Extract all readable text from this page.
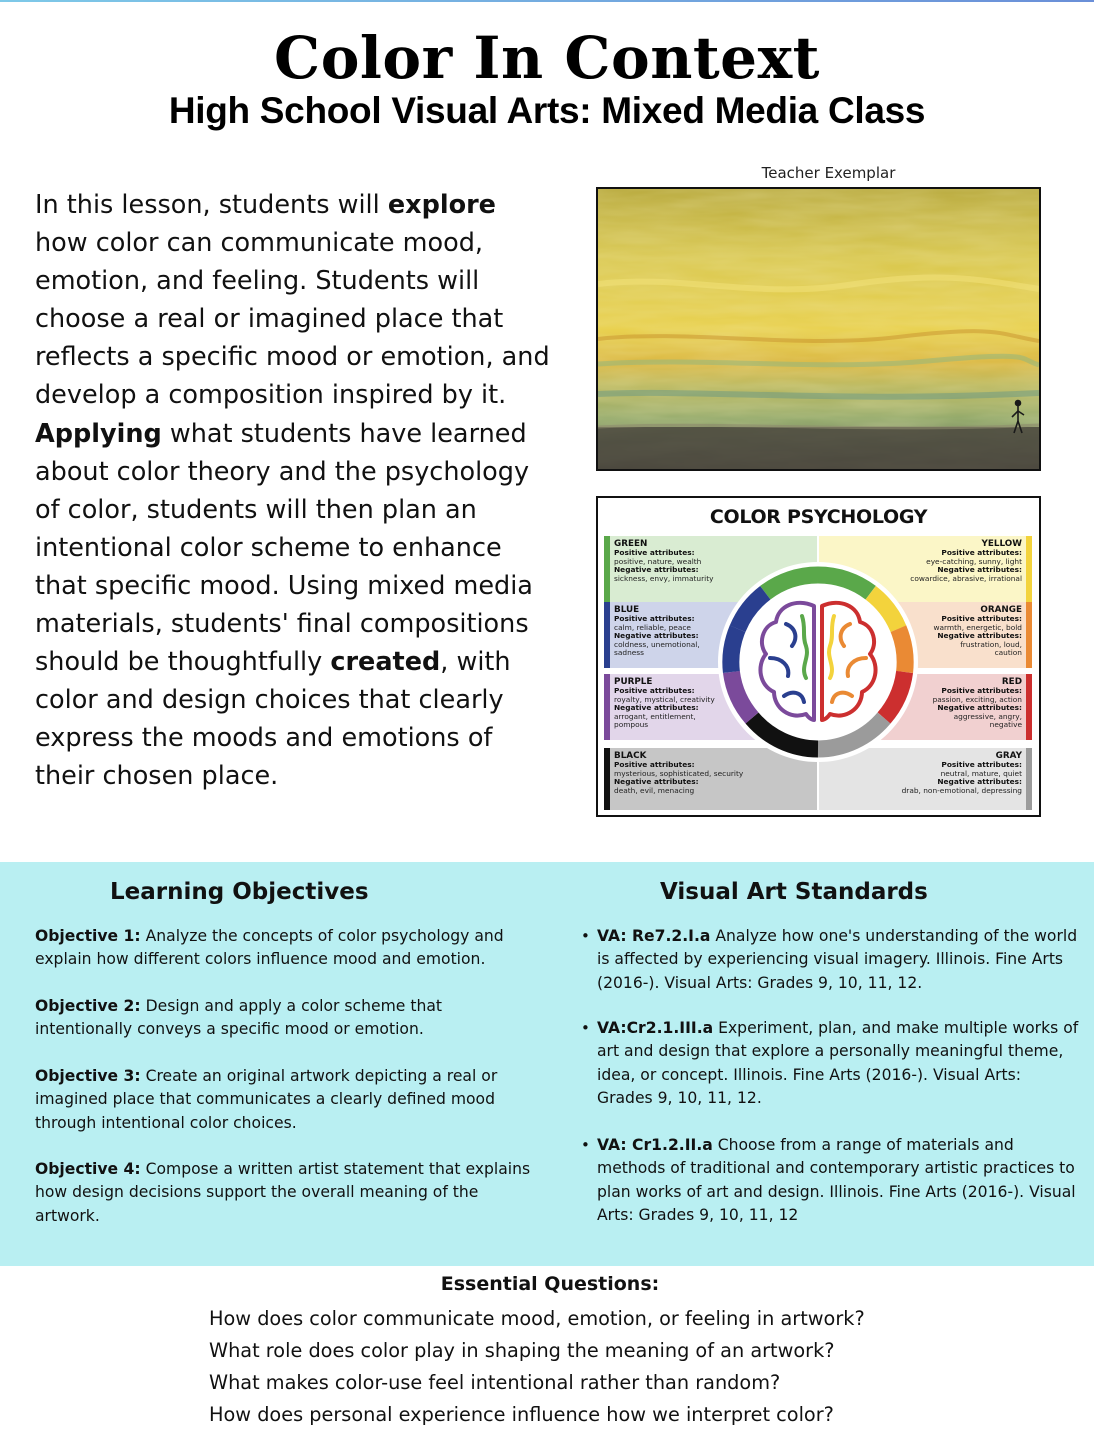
Color In Context
High School Visual Arts: Mixed Media Class

In this lesson, students will explore how color can communicate mood, emotion, and feeling. Students will choose a real or imagined place that reflects a specific mood or emotion, and develop a composition inspired by it. Applying what students have learned about color theory and the psychology of color, students will then plan an intentional color scheme to enhance that specific mood. Using mixed media materials, students' final compositions should be thoughtfully created, with color and design choices that clearly express the moods and emotions of their chosen place.

Teacher Exemplar
COLOR PSYCHOLOGY
GREEN
Positive attributes:
positive, nature, wealth
Negative attributes:
sickness, envy, immaturity
YELLOW
Positive attributes:
eye-catching, sunny, light
Negative attributes:
cowardice, abrasive, irrational
BLUE
Positive attributes:
calm, reliable, peace
Negative attributes:
coldness, unemotional, sadness
ORANGE
Positive attributes:
warmth, energetic, bold
Negative attributes:
frustration, loud, caution
PURPLE
Positive attributes:
royalty, mystical, creativity
Negative attributes:
arrogant, entitlement, pompous
RED
Positive attributes:
passion, exciting, action
Negative attributes:
aggressive, angry, negative
BLACK
Positive attributes:
mysterious, sophisticated, security
Negative attributes:
death, evil, menacing
GRAY
Positive attributes:
neutral, mature, quiet
Negative attributes:
drab, non-emotional, depressing
Learning Objectives	Visual Art Standards

Objective 1: Analyze the concepts of color psychology and explain how different colors influence mood and emotion.

Objective 2: Design and apply a color scheme that intentionally conveys a specific mood or emotion.

Objective 3: Create an original artwork depicting a real or imagined place that communicates a clearly defined mood through intentional color choices.

Objective 4: Compose a written artist statement that explains how design decisions support the overall meaning of the artwork.

• VA: Re7.2.I.a Analyze how one's understanding of the world is affected by experiencing visual imagery. Illinois. Fine Arts (2016-). Visual Arts: Grades 9, 10, 11, 12.

• VA:Cr2.1.III.a Experiment, plan, and make multiple works of art and design that explore a personally meaningful theme, idea, or concept. Illinois. Fine Arts (2016-). Visual Arts: Grades 9, 10, 11, 12.

• VA: Cr1.2.II.a Choose from a range of materials and methods of traditional and contemporary artistic practices to plan works of art and design. Illinois. Fine Arts (2016-). Visual Arts: Grades 9, 10, 11, 12

Essential Questions:
How does color communicate mood, emotion, or feeling in artwork?
What role does color play in shaping the meaning of an artwork?
What makes color-use feel intentional rather than random?
How does personal experience influence how we interpret color?
